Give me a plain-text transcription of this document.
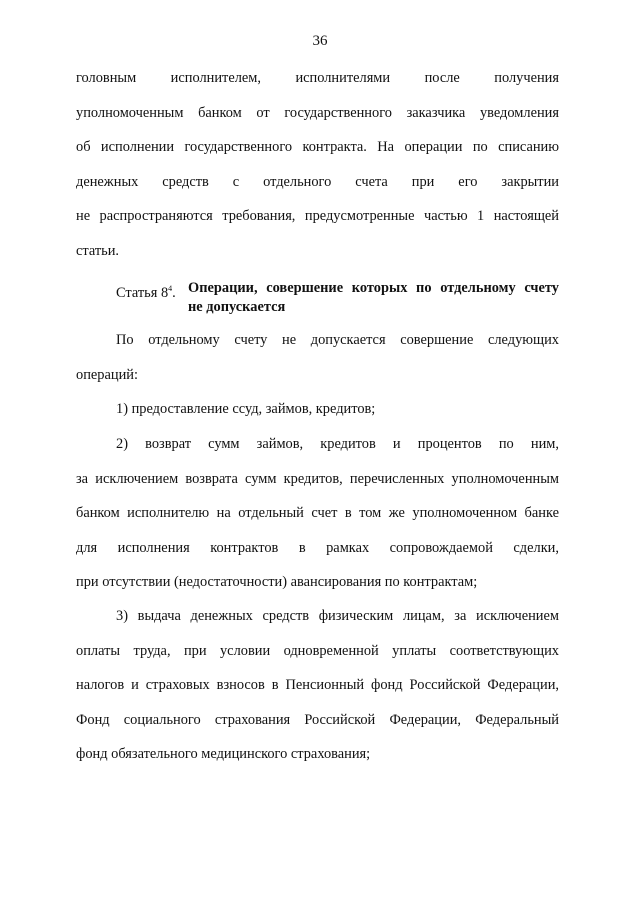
36
головным исполнителем, исполнителями после получения
уполномоченным банком от государственного заказчика уведомления
об исполнении государственного контракта. На операции по списанию
денежных средств с отдельного счета при его закрытии
не распространяются требования, предусмотренные частью 1 настоящей
статьи.
Статья $8^4$. Операции, совершение которых по отдельному счету
не допускается
По отдельному счету не допускается совершение следующих
операций:
1) предоставление ссуд, займов, кредитов;
2) возврат сумм займов, кредитов и процентов по ним,
за исключением возврата сумм кредитов, перечисленных уполномоченным
банком исполнителю на отдельный счет в том же уполномоченном банке
для исполнения контрактов в рамках сопровождаемой сделки,
при отсутствии (недостаточности) авансирования по контрактам;
3) выдача денежных средств физическим лицам, за исключением
оплаты труда, при условии одновременной уплаты соответствующих
налогов и страховых взносов в Пенсионный фонд Российской Федерации,
Фонд социального страхования Российской Федерации, Федеральный
фонд обязательного медицинского страхования;
